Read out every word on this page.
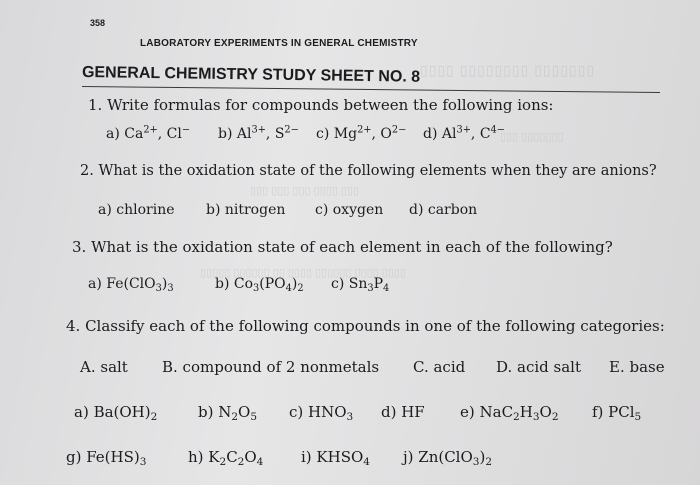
▯▯▯▯ ▯▯▯▯▯▯▯▯ ▯▯▯▯▯▯▯
▯▯▯ ▯▯▯▯▯▯▯
▯▯▯ ▯▯▯ ▯▯▯ ▯▯▯▯ ▯▯▯
▯▯▯▯▯ ▯▯▯▯▯▯ ▯▯ ▯▯▯▯ ▯▯▯▯▯▯ ▯▯▯▯ ▯▯▯▯
358
LABORATORY EXPERIMENTS IN GENERAL CHEMISTRY
GENERAL CHEMISTRY STUDY SHEET NO. 8
1. Write formulas for compounds between the following ions:
a) $Ca^{2+}$, Cl− b) $Al^{3+}$, $S^{2-}$ c) $Mg^{2+}$, $O^{2-}$ d) $Al^{3+}$, $C^{4-}$
2. What is the oxidation state of the following elements when they are anions?
a) chlorine b) nitrogen c) oxygen d) carbon
3. What is the oxidation state of each element in each of the following?
a) $Fe(ClO_3)_3$	b) $Co_3(PO_4)_2$ c) $Sn_3P_4$
4. Classify each of the following compounds in one of the following categories:
A. salt B. compound of 2 nonmetals C. acid D. acid salt E. base
a) $Ba(OH)_2$	b) $N_2O_5$ c) $HNO_3$ d) HF e) $NaC_2H_3O_2$ f) PCl$_5$
g) $Fe(HS)_3$	h) $K_2C_2O_4$	i) $KHSO_4$ j) $Zn(ClO_3)_2$
